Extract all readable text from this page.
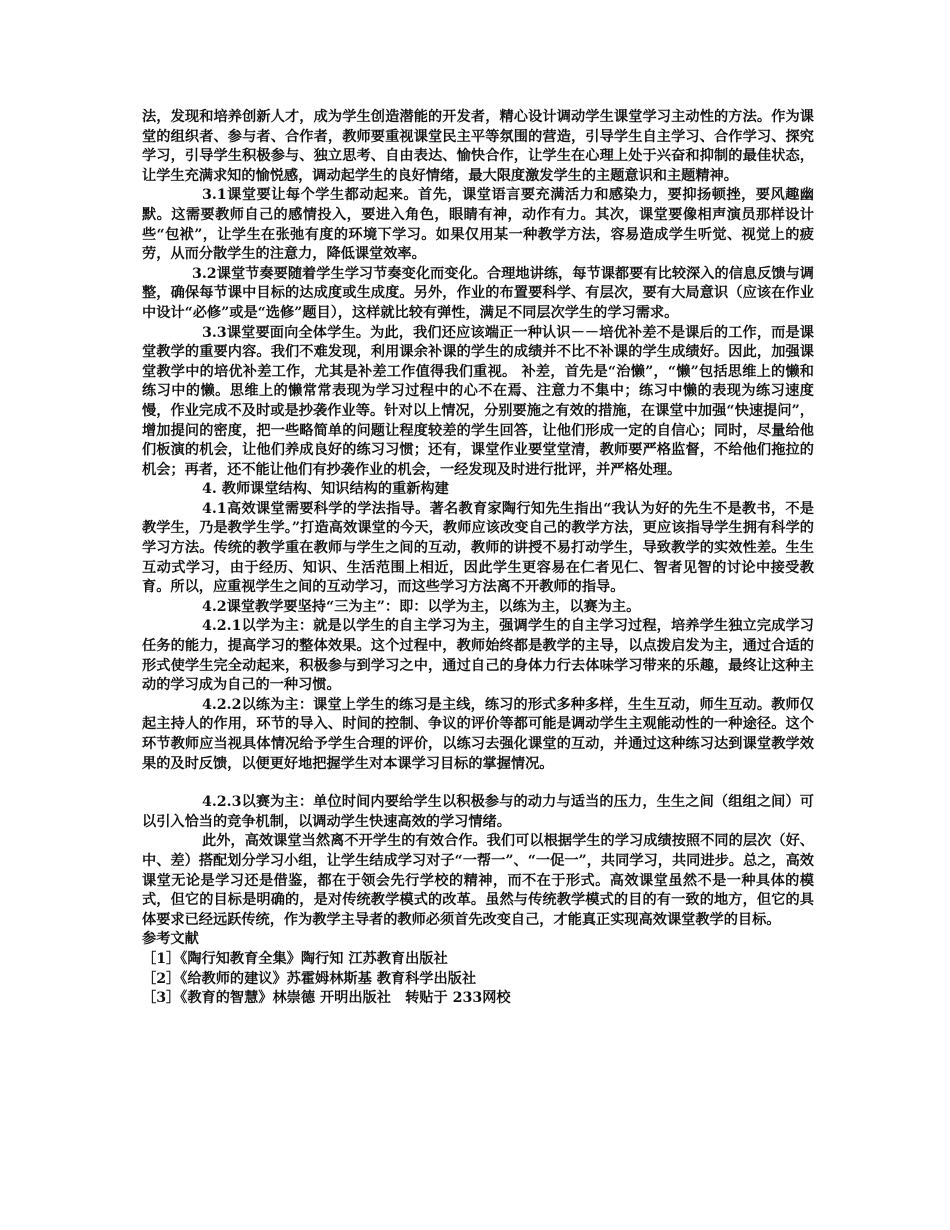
法，发现和培养创新人才，成为学生创造潜能的开发者，精心设计调动学生课堂学习主动性的方法。作为课堂的组织者、参与者、合作者，教师要重视课堂民主平等氛围的营造，引导学生自主学习、合作学习、探究学习，引导学生积极参与、独立思考、自由表达、愉快合作，让学生在心理上处于兴奋和抑制的最佳状态，让学生充满求知的愉悦感，调动起学生的良好情绪，最大限度激发学生的主题意识和主题精神。

3.1课堂要让每个学生都动起来。首先，课堂语言要充满活力和感染力，要抑扬顿挫，要风趣幽默。这需要教师自己的感情投入，要进入角色，眼睛有神，动作有力。其次，课堂要像相声演员那样设计些“包袱”，让学生在张弛有度的环境下学习。如果仅用某一种教学方法，容易造成学生听觉、视觉上的疲劳，从而分散学生的注意力，降低课堂效率。

3.2课堂节奏要随着学生学习节奏变化而变化。合理地讲练，每节课都要有比较深入的信息反馈与调整，确保每节课中目标的达成度或生成度。另外，作业的布置要科学、有层次，要有大局意识（应该在作业中设计“必修”或是“选修”题目），这样就比较有弹性，满足不同层次学生的学习需求。

3.3课堂要面向全体学生。为此，我们还应该端正一种认识－－培优补差不是课后的工作，而是课堂教学的重要内容。我们不难发现，利用课余补课的学生的成绩并不比不补课的学生成绩好。因此，加强课堂教学中的培优补差工作，尤其是补差工作值得我们重视。 补差，首先是“治懒”，“懒”包括思维上的懒和练习中的懒。思维上的懒常常表现为学习过程中的心不在焉、注意力不集中；练习中懒的表现为练习速度慢，作业完成不及时或是抄袭作业等。针对以上情况，分别要施之有效的措施，在课堂中加强“快速提问”，增加提问的密度，把一些略简单的问题让程度较差的学生回答，让他们形成一定的自信心；同时，尽量给他们板演的机会，让他们养成良好的练习习惯；还有，课堂作业要堂堂清，教师要严格监督，不给他们拖拉的机会；再者，还不能让他们有抄袭作业的机会，一经发现及时进行批评，并严格处理。

4. 教师课堂结构、知识结构的重新构建

4.1高效课堂需要科学的学法指导。著名教育家陶行知先生指出“我认为好的先生不是教书，不是教学生，乃是教学生学。”打造高效课堂的今天，教师应该改变自己的教学方法，更应该指导学生拥有科学的学习方法。传统的教学重在教师与学生之间的互动，教师的讲授不易打动学生，导致教学的实效性差。生生互动式学习，由于经历、知识、生活范围上相近，因此学生更容易在仁者见仁、智者见智的讨论中接受教育。所以，应重视学生之间的互动学习，而这些学习方法离不开教师的指导。

4.2课堂教学要坚持“三为主”：即：以学为主，以练为主，以赛为主。

4.2.1以学为主：就是以学生的自主学习为主，强调学生的自主学习过程，培养学生独立完成学习任务的能力，提高学习的整体效果。这个过程中，教师始终都是教学的主导，以点拨启发为主，通过合适的形式使学生完全动起来，积极参与到学习之中，通过自己的身体力行去体味学习带来的乐趣，最终让这种主动的学习成为自己的一种习惯。

4.2.2以练为主：课堂上学生的练习是主线，练习的形式多种多样，生生互动，师生互动。教师仅起主持人的作用，环节的导入、时间的控制、争议的评价等都可能是调动学生主观能动性的一种途径。这个环节教师应当视具体情况给予学生合理的评价，以练习去强化课堂的互动，并通过这种练习达到课堂教学效果的及时反馈，以便更好地把握学生对本课学习目标的掌握情况。

4.2.3以赛为主：单位时间内要给学生以积极参与的动力与适当的压力，生生之间（组组之间）可以引入恰当的竞争机制，以调动学生快速高效的学习情绪。

此外，高效课堂当然离不开学生的有效合作。我们可以根据学生的学习成绩按照不同的层次（好、中、差）搭配划分学习小组，让学生结成学习对子“一帮一”、“一促一”，共同学习，共同进步。总之，高效课堂无论是学习还是借鉴，都在于领会先行学校的精神，而不在于形式。高效课堂虽然不是一种具体的模式，但它的目标是明确的，是对传统教学模式的改革。虽然与传统教学模式的目的有一致的地方，但它的具体要求已经远跃传统，作为教学主导者的教师必须首先改变自己，才能真正实现高效课堂教学的目标。

参考文献

［1］《陶行知教育全集》陶行知 江苏教育出版社

［2］《给教师的建议》苏霍姆林斯基 教育科学出版社

［3］《教育的智慧》林崇德 开明出版社　转贴于 233网校
